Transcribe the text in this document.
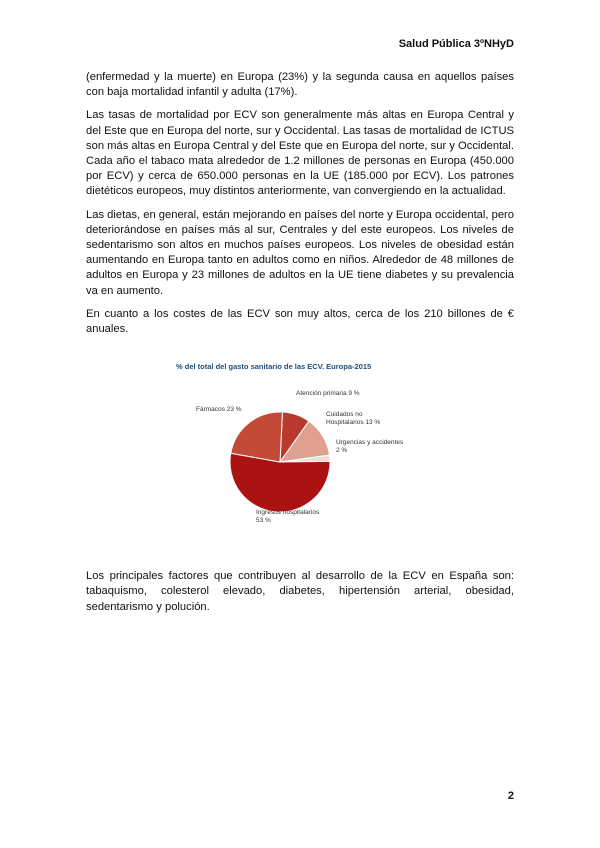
Salud Pública 3ºNHyD

(enfermedad y la muerte) en Europa (23%) y la segunda causa en aquellos países con baja mortalidad infantil y adulta (17%).

Las tasas de mortalidad por ECV son generalmente más altas en Europa Central y del Este que en Europa del norte, sur y Occidental. Las tasas de mortalidad de ICTUS son más altas en Europa Central y del Este que en Europa del norte, sur y Occidental. Cada año el tabaco mata alrededor de 1.2 millones de personas en Europa (450.000 por ECV) y cerca de 650.000 personas en la UE (185.000 por ECV). Los patrones dietéticos europeos, muy distintos anteriormente, van convergiendo en la actualidad.

Las dietas, en general, están mejorando en países del norte y Europa occidental, pero deteriorándose en países más al sur, Centrales y del este europeos. Los niveles de sedentarismo son altos en muchos países europeos. Los niveles de obesidad están aumentando en Europa tanto en adultos como en niños. Alrededor de 48 millones de adultos en Europa y 23 millones de adultos en la UE tiene diabetes y su prevalencia va en aumento.

En cuanto a los costes de las ECV son muy altos, cerca de los 210 billones de € anuales.

% del total del gasto sanitario de las ECV. Europa-2015
Atención primaria 9 %
Cuidados no Hospitalarios 13 %
Urgencias y accidentes 2 %
Ingresos hospitalarios 53 %
Fármacos 23 %

Los principales factores que contribuyen al desarrollo de la ECV en España son: tabaquismo, colesterol elevado, diabetes, hipertensión arterial, obesidad, sedentarismo y polución.

2
